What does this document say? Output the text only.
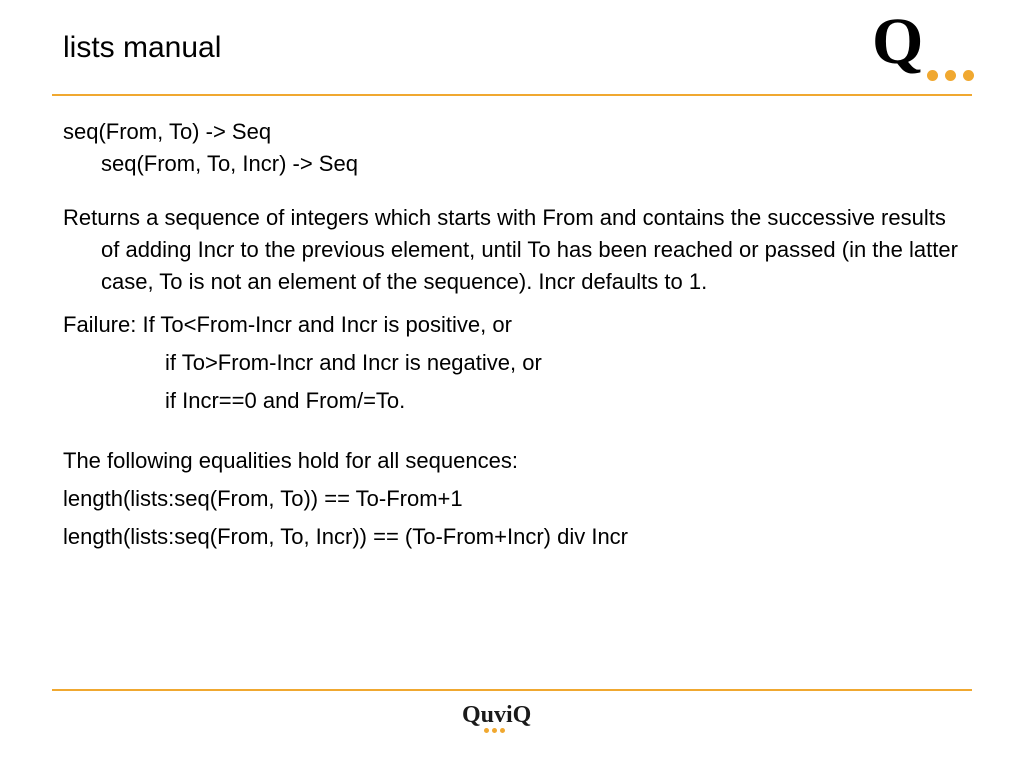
lists manual	Q

seq(From, To) -> Seq

seq(From, To, Incr) -> Seq

Returns a sequence of integers which starts with From and contains the successive results of adding Incr to the previous element, until To has been reached or passed (in the latter case, To is not an element of the sequence). Incr defaults to 1.

Failure: If To<From-Incr and Incr is positive, or

if To>From-Incr and Incr is negative, or

if Incr==0 and From/=To.

The following equalities hold for all sequences:

length(lists:seq(From, To)) == To-From+1

length(lists:seq(From, To, Incr)) == (To-From+Incr) div Incr

QuviQ
